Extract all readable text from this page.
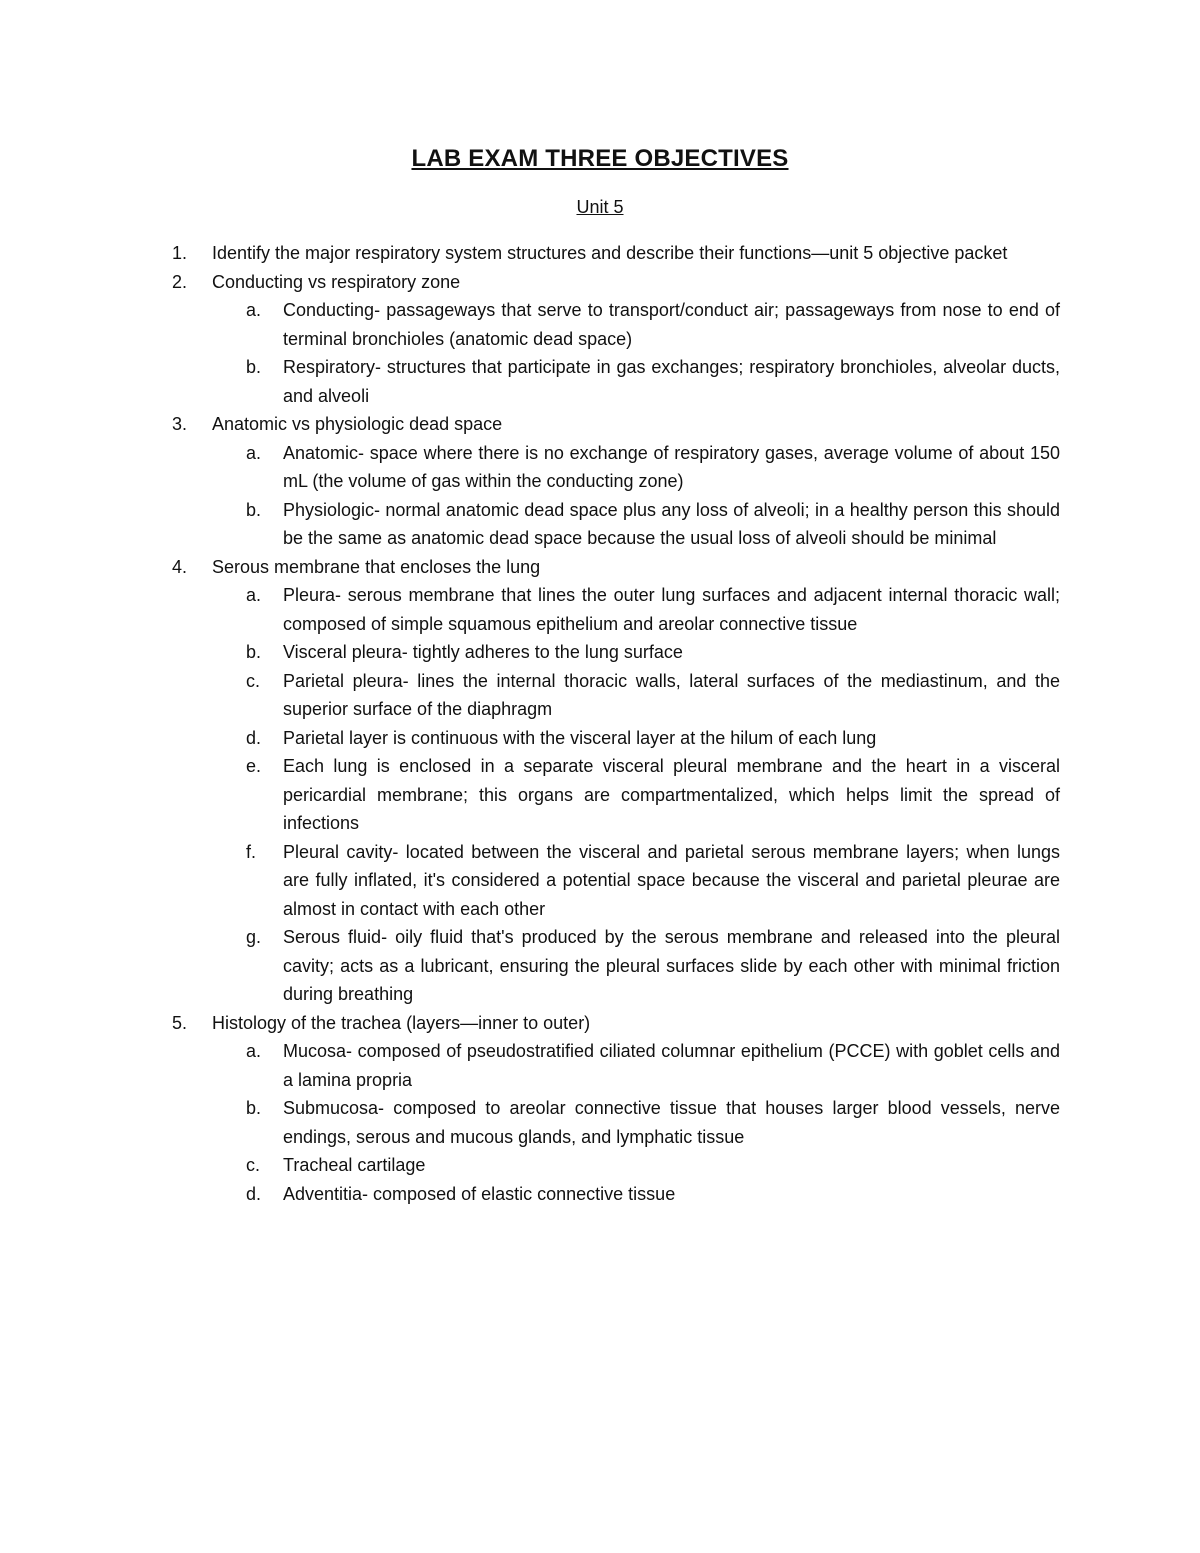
LAB EXAM THREE OBJECTIVES
Unit 5
1.	Identify the major respiratory system structures and describe their functions—unit 5 objective packet
2.	Conducting vs respiratory zone
a.	Conducting- passageways that serve to transport/conduct air; passageways from nose to end of terminal bronchioles (anatomic dead space)
b.	Respiratory- structures that participate in gas exchanges; respiratory bronchioles, alveolar ducts, and alveoli
3.	Anatomic vs physiologic dead space
a.	Anatomic- space where there is no exchange of respiratory gases, average volume of about 150 mL (the volume of gas within the conducting zone)
b.	Physiologic- normal anatomic dead space plus any loss of alveoli; in a healthy person this should be the same as anatomic dead space because the usual loss of alveoli should be minimal
4.	Serous membrane that encloses the lung
a.	Pleura- serous membrane that lines the outer lung surfaces and adjacent internal thoracic wall; composed of simple squamous epithelium and areolar connective tissue
b.	Visceral pleura- tightly adheres to the lung surface
c.	Parietal pleura- lines the internal thoracic walls, lateral surfaces of the mediastinum, and the superior surface of the diaphragm
d.	Parietal layer is continuous with the visceral layer at the hilum of each lung
e.	Each lung is enclosed in a separate visceral pleural membrane and the heart in a visceral pericardial membrane; this organs are compartmentalized, which helps limit the spread of infections
f.	Pleural cavity- located between the visceral and parietal serous membrane layers; when lungs are fully inflated, it's considered a potential space because the visceral and parietal pleurae are almost in contact with each other
g.	Serous fluid- oily fluid that's produced by the serous membrane and released into the pleural cavity; acts as a lubricant, ensuring the pleural surfaces slide by each other with minimal friction during breathing
5.	Histology of the trachea (layers—inner to outer)
a.	Mucosa- composed of pseudostratified ciliated columnar epithelium (PCCE) with goblet cells and a lamina propria
b.	Submucosa- composed to areolar connective tissue that houses larger blood vessels, nerve endings, serous and mucous glands, and lymphatic tissue
c.	Tracheal cartilage
d.	Adventitia- composed of elastic connective tissue
